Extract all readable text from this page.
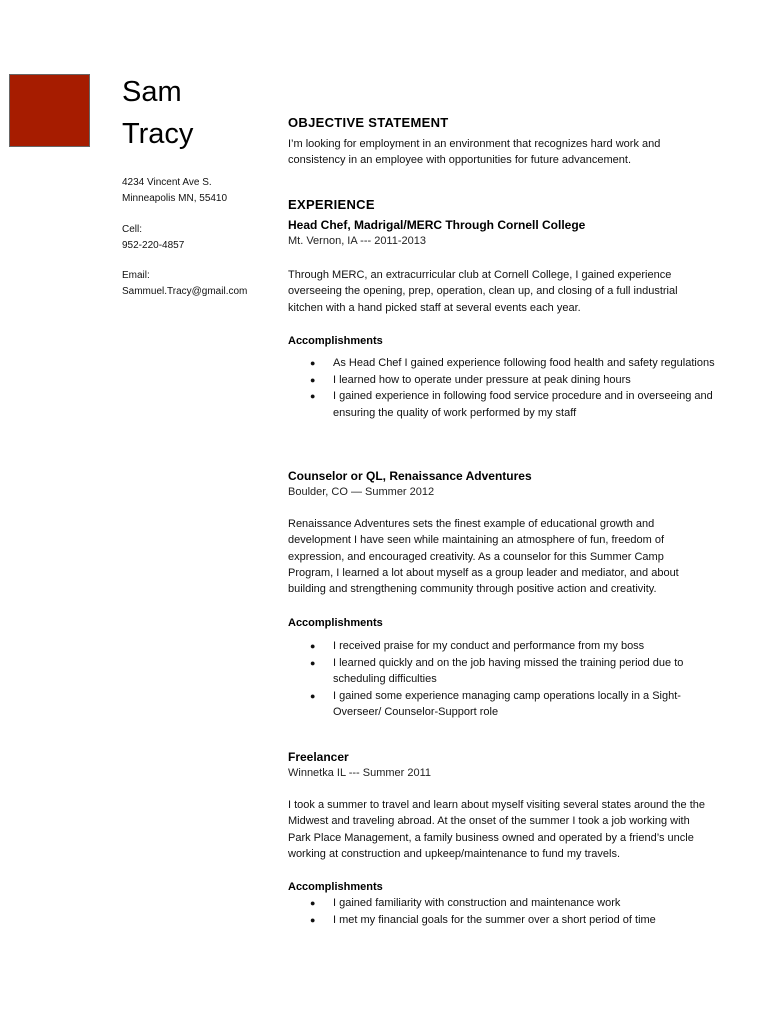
Sam
Tracy
4234 Vincent Ave S.
Minneapolis MN, 55410
Cell:
952-220-4857
Email:
Sammuel.Tracy@gmail.com
OBJECTIVE STATEMENT
I’m looking for employment in an environment that recognizes hard work and consistency in an employee with opportunities for future advancement.
EXPERIENCE
Head Chef, Madrigal/MERC Through Cornell College
Mt. Vernon, IA --- 2011-2013
Through MERC, an extracurricular club at Cornell College, I gained experience overseeing the opening, prep, operation, clean up, and closing of a full industrial kitchen with a hand picked staff at several events each year.
Accomplishments
● As Head Chef I gained experience following food health and safety regulations
● I learned how to operate under pressure at peak dining hours
● I gained experience in following food service procedure and in overseeing and ensuring the quality of work performed by my staff
Counselor or QL, Renaissance Adventures
Boulder, CO — Summer 2012
Renaissance Adventures sets the finest example of educational growth and development I have seen while maintaining an atmosphere of fun, freedom of expression, and encouraged creativity. As a counselor for this Summer Camp Program, I learned a lot about myself as a group leader and mediator, and about building and strengthening community through positive action and creativity.
Accomplishments
● I received praise for my conduct and performance from my boss
● I learned quickly and on the job having missed the training period due to scheduling difficulties
● I gained some experience managing camp operations locally in a Sight-Overseer/ Counselor-Support role
Freelancer
Winnetka IL --- Summer 2011
I took a summer to travel and learn about myself visiting several states around the the Midwest and traveling abroad. At the onset of the summer I took a job working with Park Place Management, a family business owned and operated by a friend’s uncle working at construction and upkeep/maintenance to fund my travels.
Accomplishments
● I gained familiarity with construction and maintenance work
● I met my financial goals for the summer over a short period of time
